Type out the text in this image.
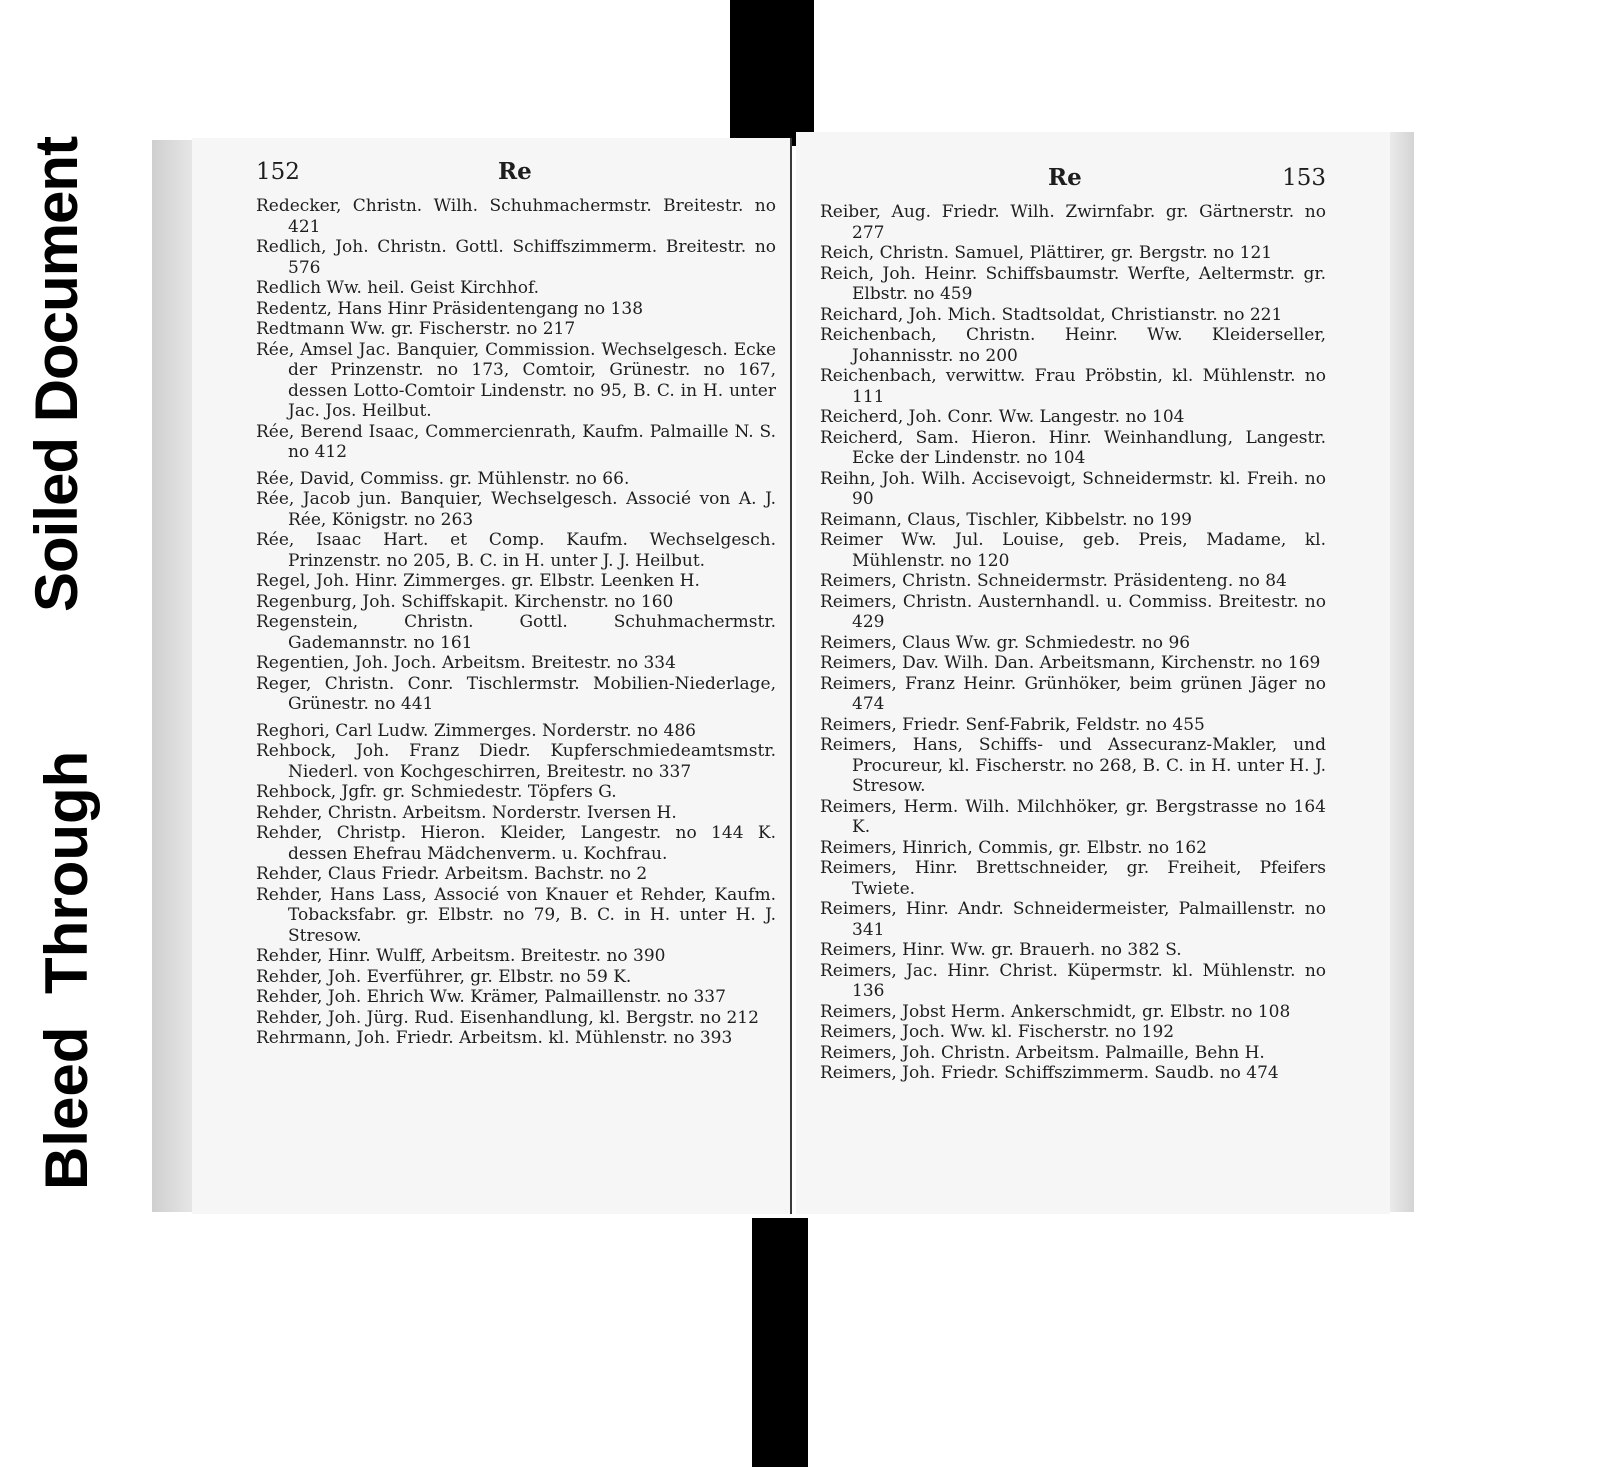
Soiled Document
Bleed Through
152	Re

Redecker, Christn. Wilh. Schuhmachermstr. Breitestr. no 421

Redlich, Joh. Christn. Gottl. Schiffszimmerm. Breitestr. no 576

Redlich Ww. heil. Geist Kirchhof.

Redentz, Hans Hinr Präsidentengang no 138

Redtmann Ww. gr. Fischerstr. no 217

Rée, Amsel Jac. Banquier, Commission. Wechselgesch. Ecke der Prinzenstr. no 173, Comtoir, Grünestr. no 167, dessen Lotto-Comtoir Lindenstr. no 95, B. C. in H. unter Jac. Jos. Heilbut.

Rée, Berend Isaac, Commercienrath, Kaufm. Palmaille N. S. no 412

Rée, David, Commiss. gr. Mühlenstr. no 66.

Rée, Jacob jun. Banquier, Wechselgesch. Associé von A. J. Rée, Königstr. no 263

Rée, Isaac Hart. et Comp. Kaufm. Wechselgesch. Prinzenstr. no 205, B. C. in H. unter J. J. Heilbut.

Regel, Joh. Hinr. Zimmerges. gr. Elbstr. Leenken H.

Regenburg, Joh. Schiffskapit. Kirchenstr. no 160

Regenstein, Christn. Gottl. Schuhmachermstr. Gademannstr. no 161

Regentien, Joh. Joch. Arbeitsm. Breitestr. no 334

Reger, Christn. Conr. Tischlermstr. Mobilien-Niederlage, Grünestr. no 441

Reghori, Carl Ludw. Zimmerges. Norderstr. no 486

Rehbock, Joh. Franz Diedr. Kupferschmiedeamtsmstr. Niederl. von Kochgeschirren, Breitestr. no 337

Rehbock, Jgfr. gr. Schmiedestr. Töpfers G.

Rehder, Christn. Arbeitsm. Norderstr. Iversen H.

Rehder, Christp. Hieron. Kleider, Langestr. no 144 K. dessen Ehefrau Mädchenverm. u. Kochfrau.

Rehder, Claus Friedr. Arbeitsm. Bachstr. no 2

Rehder, Hans Lass, Associé von Knauer et Rehder, Kaufm. Tobacksfabr. gr. Elbstr. no 79, B. C. in H. unter H. J. Stresow.

Rehder, Hinr. Wulff, Arbeitsm. Breitestr. no 390

Rehder, Joh. Everführer, gr. Elbstr. no 59 K.

Rehder, Joh. Ehrich Ww. Krämer, Palmaillenstr. no 337

Rehder, Joh. Jürg. Rud. Eisenhandlung, kl. Bergstr. no 212

Rehrmann, Joh. Friedr. Arbeitsm. kl. Mühlenstr. no 393

Re	153

Reiber, Aug. Friedr. Wilh. Zwirnfabr. gr. Gärtnerstr. no 277

Reich, Christn. Samuel, Plättirer, gr. Bergstr. no 121

Reich, Joh. Heinr. Schiffsbaumstr. Werfte, Aeltermstr. gr. Elbstr. no 459

Reichard, Joh. Mich. Stadtsoldat, Christianstr. no 221

Reichenbach, Christn. Heinr. Ww. Kleiderseller, Johannisstr. no 200

Reichenbach, verwittw. Frau Pröbstin, kl. Mühlenstr. no 111

Reicherd, Joh. Conr. Ww. Langestr. no 104

Reicherd, Sam. Hieron. Hinr. Weinhandlung, Langestr. Ecke der Lindenstr. no 104

Reihn, Joh. Wilh. Accisevoigt, Schneidermstr. kl. Freih. no 90

Reimann, Claus, Tischler, Kibbelstr. no 199

Reimer Ww. Jul. Louise, geb. Preis, Madame, kl. Mühlenstr. no 120

Reimers, Christn. Schneidermstr. Präsidenteng. no 84

Reimers, Christn. Austernhandl. u. Commiss. Breitestr. no 429

Reimers, Claus Ww. gr. Schmiedestr. no 96

Reimers, Dav. Wilh. Dan. Arbeitsmann, Kirchenstr. no 169

Reimers, Franz Heinr. Grünhöker, beim grünen Jäger no 474

Reimers, Friedr. Senf-Fabrik, Feldstr. no 455

Reimers, Hans, Schiffs- und Assecuranz-Makler, und Procureur, kl. Fischerstr. no 268, B. C. in H. unter H. J. Stresow.

Reimers, Herm. Wilh. Milchhöker, gr. Bergstrasse no 164 K.

Reimers, Hinrich, Commis, gr. Elbstr. no 162

Reimers, Hinr. Brettschneider, gr. Freiheit, Pfeifers Twiete.

Reimers, Hinr. Andr. Schneidermeister, Palmaillenstr. no 341

Reimers, Hinr. Ww. gr. Brauerh. no 382 S.

Reimers, Jac. Hinr. Christ. Küpermstr. kl. Mühlenstr. no 136

Reimers, Jobst Herm. Ankerschmidt, gr. Elbstr. no 108

Reimers, Joch. Ww. kl. Fischerstr. no 192

Reimers, Joh. Christn. Arbeitsm. Palmaille, Behn H.

Reimers, Joh. Friedr. Schiffszimmerm. Saudb. no 474
